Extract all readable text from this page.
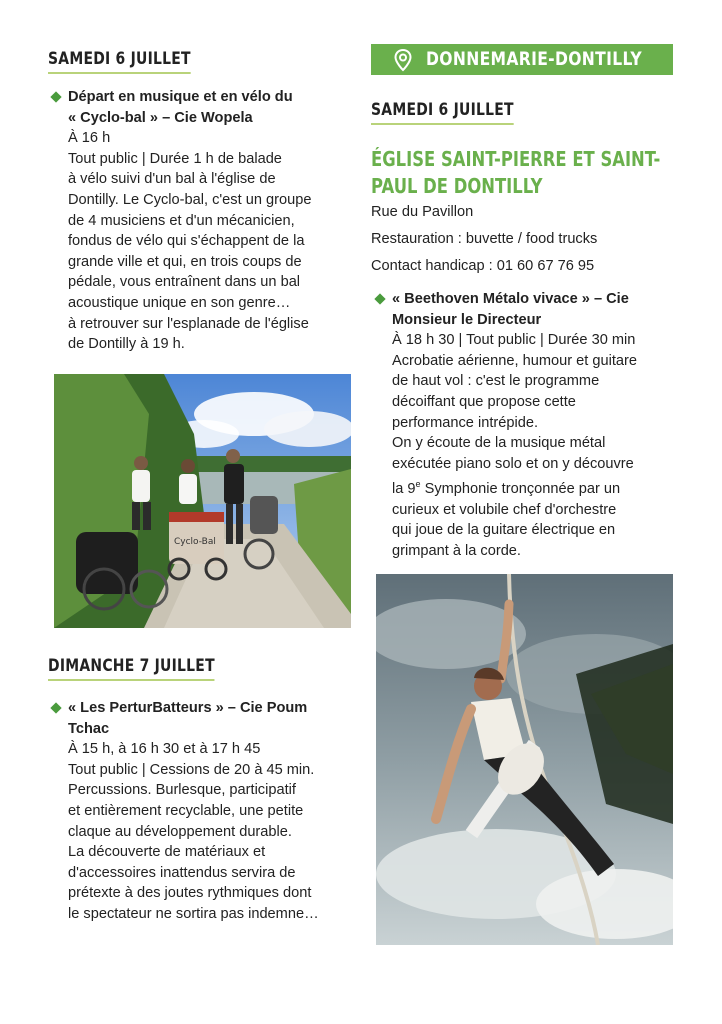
SAMEDI 6 JUILLET
Départ en musique et en vélo du
« Cyclo-bal » – Cie Wopela
À 16 h
Tout public | Durée 1 h de balade
à vélo suivi d'un bal à l'église de
Dontilly. Le Cyclo-bal, c'est un groupe
de 4 musiciens et d'un mécanicien,
fondus de vélo qui s'échappent de la
grande ville et qui, en trois coups de
pédale, vous entraînent dans un bal
acoustique unique en son genre…
à retrouver sur l'esplanade de l'église
de Dontilly à 19 h.
Cyclo-Bal
DIMANCHE 7 JUILLET
« Les PerturBatteurs » – Cie Poum
Tchac
À 15 h, à 16 h 30 et à 17 h 45
Tout public | Cessions de 20 à 45 min.
Percussions. Burlesque, participatif
et entièrement recyclable, une petite
claque au développement durable.
La découverte de matériaux et
d'accessoires inattendus servira de
prétexte à des joutes rythmiques dont
le spectateur ne sortira pas indemne…
DONNEMARIE-DONTILLY
SAMEDI 6 JUILLET
ÉGLISE SAINT-PIERRE ET SAINT-PAUL DE DONTILLY
Rue du Pavillon
Restauration : buvette / food trucks
Contact handicap : 01 60 67 76 95
« Beethoven Métalo vivace » – Cie
Monsieur le Directeur
À 18 h 30 | Tout public | Durée 30 min
Acrobatie aérienne, humour et guitare
de haut vol : c'est le programme
décoiffant que propose cette
performance intrépide.
On y écoute de la musique métal
exécutée piano solo et on y découvre
la 9e Symphonie tronçonnée par un
curieux et volubile chef d'orchestre
qui joue de la guitare électrique en
grimpant à la corde.
